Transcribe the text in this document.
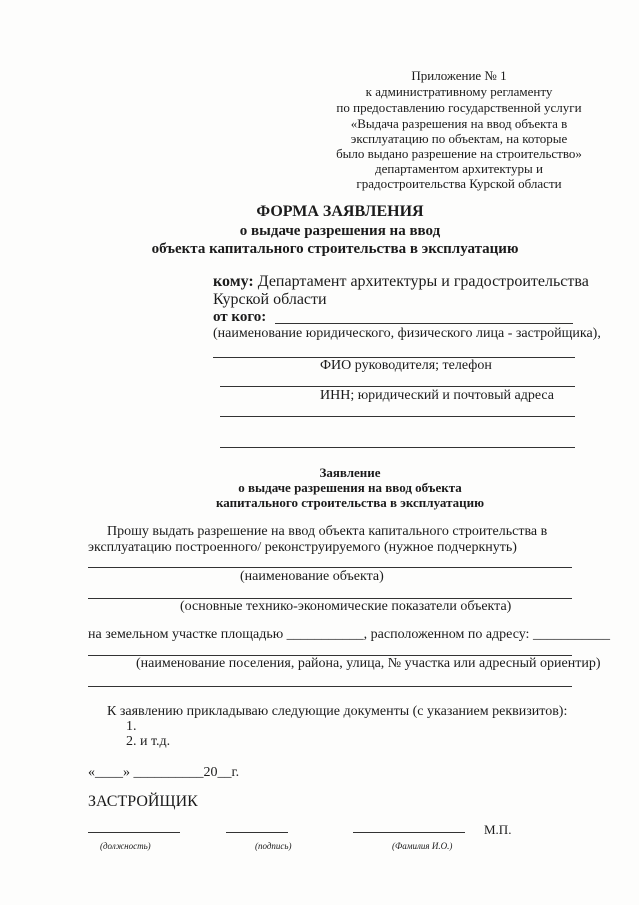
Приложение № 1
к административному регламенту
по предоставлению государственной услуги
«Выдача разрешения на ввод объекта в
эксплуатацию по объектам, на которые
было выдано разрешение на строительство»
департаментом архитектуры и
градостроительства Курской области
ФОРМА ЗАЯВЛЕНИЯ
о выдаче разрешения на ввод
объекта капитального строительства в эксплуатацию
кому: Департамент архитектуры и градостроительства
Курской области
от кого:
(наименование юридического, физического лица - застройщика),
ФИО руководителя; телефон
ИНН; юридический и почтовый адреса
Заявление
о выдаче разрешения на ввод объекта
капитального строительства в эксплуатацию
Прошу выдать разрешение на ввод объекта капитального строительства в
эксплуатацию построенного/ реконструируемого (нужное подчеркнуть)
(наименование объекта)
(основные технико-экономические показатели объекта)
на земельном участке площадью ___________, расположенном по адресу: ___________
(наименование поселения, района, улица, № участка или адресный ориентир)
К заявлению прикладываю следующие документы (с указанием реквизитов):
1.
2. и т.д.
«____» __________20__г.
ЗАСТРОЙЩИК
М.П.
(должность)	(подпись)	(Фамилия И.О.)
